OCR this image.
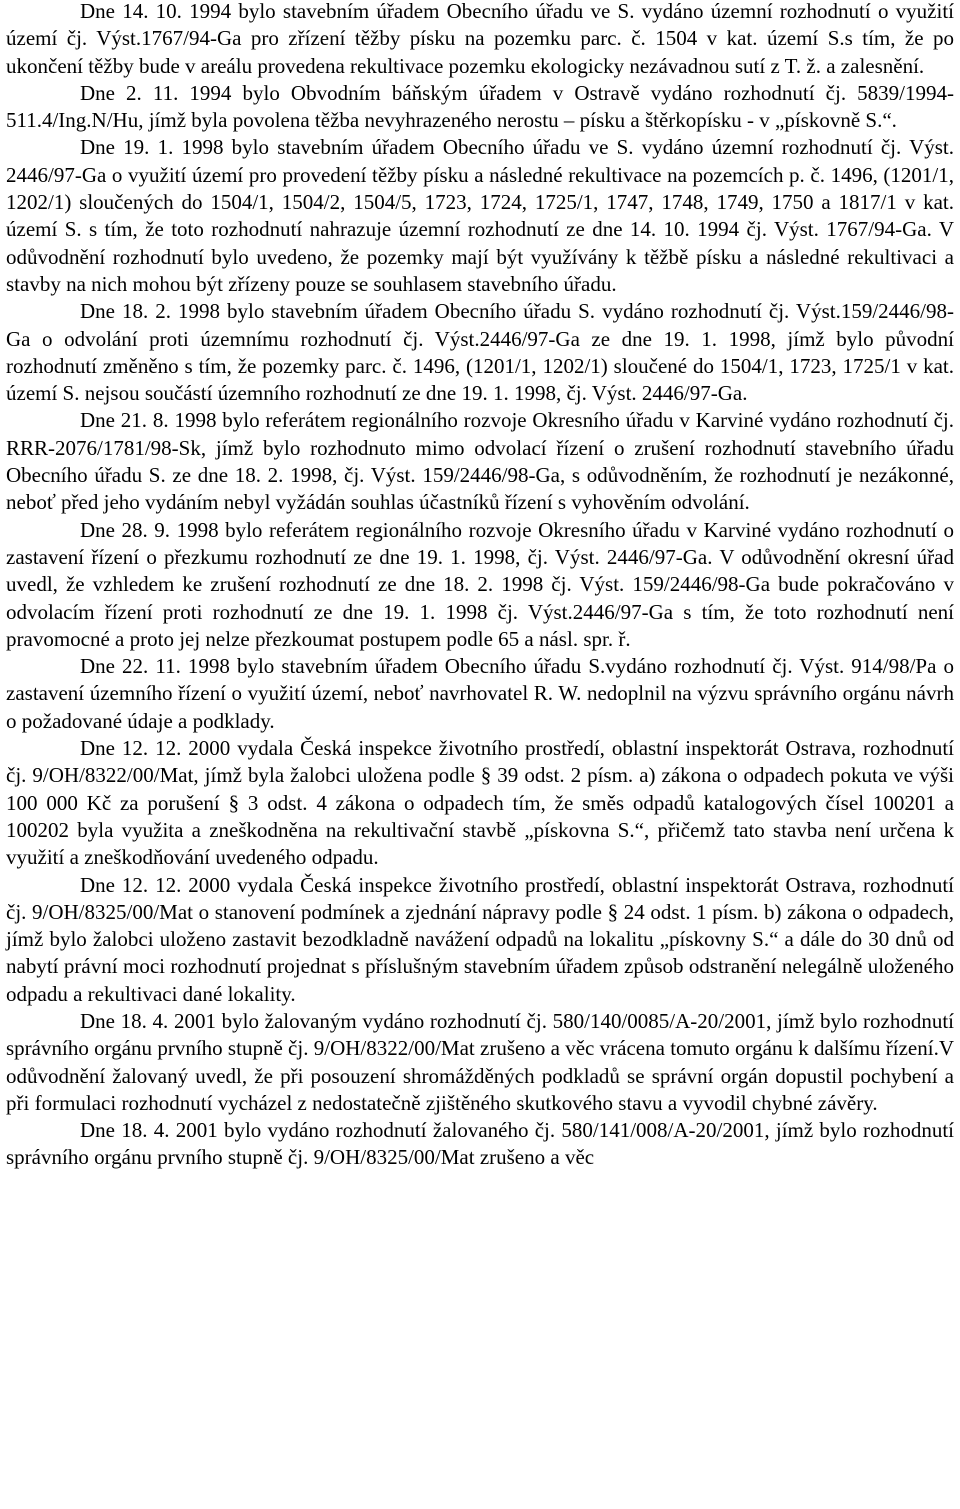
Dne 14. 10. 1994 bylo stavebním úřadem Obecního úřadu ve S. vydáno územní rozhodnutí o využití území čj. Výst.1767/94-Ga pro zřízení těžby písku na pozemku parc. č. 1504 v kat. území S.s tím, že po ukončení těžby bude v areálu provedena rekultivace pozemku ekologicky nezávadnou sutí z T. ž. a zalesnění.

Dne 2. 11. 1994 bylo Obvodním báňským úřadem v Ostravě vydáno rozhodnutí čj. 5839/1994-511.4/Ing.N/Hu, jímž byla povolena těžba nevyhrazeného nerostu – písku a štěrkopísku - v „pískovně S.“.

Dne 19. 1. 1998 bylo stavebním úřadem Obecního úřadu ve S. vydáno územní rozhodnutí čj. Výst. 2446/97-Ga o využití území pro provedení těžby písku a následné rekultivace na pozemcích p. č. 1496, (1201/1, 1202/1) sloučených do 1504/1, 1504/2, 1504/5, 1723, 1724, 1725/1, 1747, 1748, 1749, 1750 a 1817/1 v kat. území S. s tím, že toto rozhodnutí nahrazuje územní rozhodnutí ze dne 14. 10. 1994 čj. Výst. 1767/94-Ga. V odůvodnění rozhodnutí bylo uvedeno, že pozemky mají být využívány k těžbě písku a následné rekultivaci a stavby na nich mohou být zřízeny pouze se souhlasem stavebního úřadu.

Dne 18. 2. 1998 bylo stavebním úřadem Obecního úřadu S. vydáno rozhodnutí čj. Výst.159/2446/98-Ga o odvolání proti územnímu rozhodnutí čj. Výst.2446/97-Ga ze dne 19. 1. 1998, jímž bylo původní rozhodnutí změněno s tím, že pozemky parc. č. 1496, (1201/1, 1202/1) sloučené do 1504/1, 1723, 1725/1 v kat. území S. nejsou součástí územního rozhodnutí ze dne 19. 1. 1998, čj. Výst. 2446/97-Ga.

Dne 21. 8. 1998 bylo referátem regionálního rozvoje Okresního úřadu v Karviné vydáno rozhodnutí čj. RRR-2076/1781/98-Sk, jímž bylo rozhodnuto mimo odvolací řízení o zrušení rozhodnutí stavebního úřadu Obecního úřadu S. ze dne 18. 2. 1998, čj. Výst. 159/2446/98-Ga, s odůvodněním, že rozhodnutí je nezákonné, neboť před jeho vydáním nebyl vyžádán souhlas účastníků řízení s vyhověním odvolání.

Dne 28. 9. 1998 bylo referátem regionálního rozvoje Okresního úřadu v Karviné vydáno rozhodnutí o zastavení řízení o přezkumu rozhodnutí ze dne 19. 1. 1998, čj. Výst. 2446/97-Ga. V odůvodnění okresní úřad uvedl, že vzhledem ke zrušení rozhodnutí ze dne 18. 2. 1998 čj. Výst. 159/2446/98-Ga bude pokračováno v odvolacím řízení proti rozhodnutí ze dne 19. 1. 1998 čj. Výst.2446/97-Ga s tím, že toto rozhodnutí není pravomocné a proto jej nelze přezkoumat postupem podle 65 a násl. spr. ř.

Dne 22. 11. 1998 bylo stavebním úřadem Obecního úřadu S.vydáno rozhodnutí čj. Výst. 914/98/Pa o zastavení územního řízení o využití území, neboť navrhovatel R. W. nedoplnil na výzvu správního orgánu návrh o požadované údaje a podklady.

Dne 12. 12. 2000 vydala Česká inspekce životního prostředí, oblastní inspektorát Ostrava, rozhodnutí čj. 9/OH/8322/00/Mat, jímž byla žalobci uložena podle § 39 odst. 2 písm. a) zákona o odpadech pokuta ve výši 100 000 Kč za porušení § 3 odst. 4 zákona o odpadech tím, že směs odpadů katalogových čísel 100201 a 100202 byla využita a zneškodněna na rekultivační stavbě „pískovna S.“, přičemž tato stavba není určena k využití a zneškodňování uvedeného odpadu.

Dne 12. 12. 2000 vydala Česká inspekce životního prostředí, oblastní inspektorát Ostrava, rozhodnutí čj. 9/OH/8325/00/Mat o stanovení podmínek a zjednání nápravy podle § 24 odst. 1 písm. b) zákona o odpadech, jímž bylo žalobci uloženo zastavit bezodkladně navážení odpadů na lokalitu „pískovny S.“ a dále do 30 dnů od nabytí právní moci rozhodnutí projednat s příslušným stavebním úřadem způsob odstranění nelegálně uloženého odpadu a rekultivaci dané lokality.

Dne 18. 4. 2001 bylo žalovaným vydáno rozhodnutí čj. 580/140/0085/A-20/2001, jímž bylo rozhodnutí správního orgánu prvního stupně čj. 9/OH/8322/00/Mat zrušeno a věc vrácena tomuto orgánu k dalšímu řízení.V odůvodnění žalovaný uvedl, že při posouzení shromážděných podkladů se správní orgán dopustil pochybení a při formulaci rozhodnutí vycházel z nedostatečně zjištěného skutkového stavu a vyvodil chybné závěry.

Dne 18. 4. 2001 bylo vydáno rozhodnutí žalovaného čj. 580/141/008/A-20/2001, jímž bylo rozhodnutí správního orgánu prvního stupně čj. 9/OH/8325/00/Mat zrušeno a věc
